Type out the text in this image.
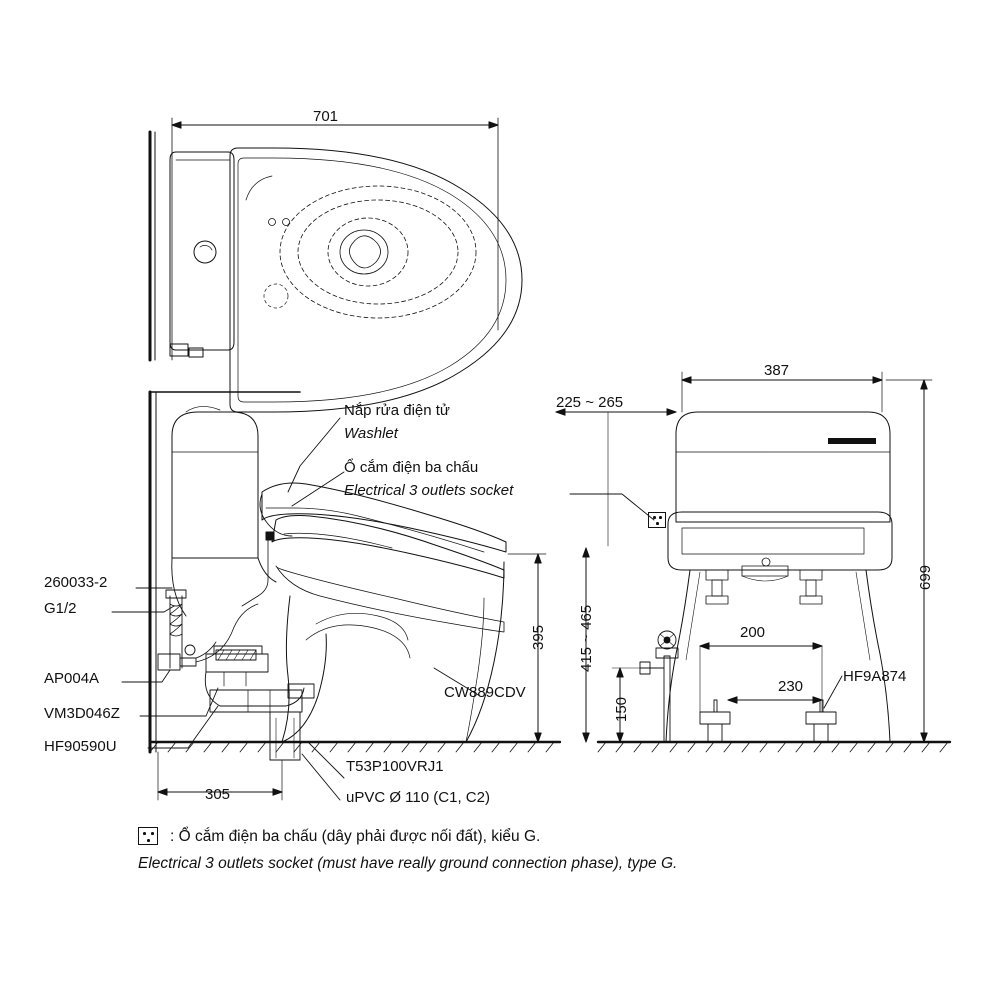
701
Nắp rửa điện tử
Washlet
Ổ cắm điện ba chấu
Electrical 3 outlets socket
260033-2
G1/2
AP004A
VM3D046Z
HF90590U
T53P100VRJ1
uPVC Ø 110 (C1, C2)
CW889CDV
HF9A874
305
387
225 ~ 265
200
230
395 415 ~ 465
150
699
: Ổ cắm điện ba chấu (dây phải được nối đất), kiểu G.
Electrical 3 outlets socket (must have really ground connection phase), type G.
